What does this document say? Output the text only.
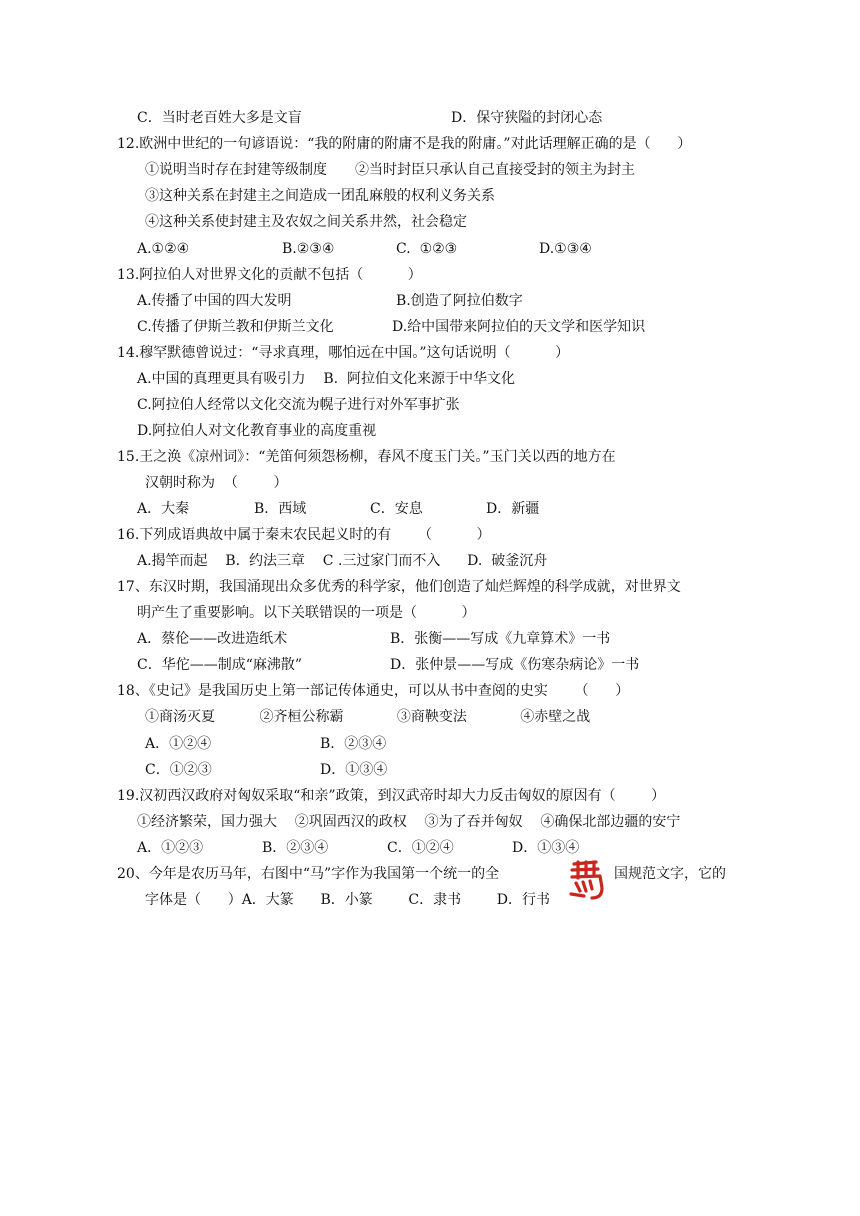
C．当时老百姓大多是文盲	D．保守狭隘的封闭心态
12.欧洲中世纪的一句谚语说：“我的附庸的附庸不是我的附庸。”对此话理解正确的是（      ）
①说明当时存在封建等级制度 ②当时封臣只承认自己直接受封的领主为封主
③这种关系在封建主之间造成一团乱麻般的权利义务关系
④这种关系使封建主及农奴之间关系井然，社会稳定
A.①②④	B.②③④	C.  ①②③	D.①③④
13.阿拉伯人对世界文化的贡献不包括（          ）
A.传播了中国的四大发明	B.创造了阿拉伯数字
C.传播了伊斯兰教和伊斯兰文化	D.给中国带来阿拉伯的天文学和医学知识
14.穆罕默德曾说过：“寻求真理，哪怕远在中国。”这句话说明（          ）
A.中国的真理更具有吸引力    B.  阿拉伯文化来源于中华文化
C.阿拉伯人经常以文化交流为幌子进行对外军事扩张
D.阿拉伯人对文化教育事业的高度重视
15.王之涣《凉州词》：“羌笛何须怨杨柳，春风不度玉门关。”玉门关以西的地方在
汉朝时称为  （        ）
A．大秦	B．西域	C．安息	D．新疆
16.下列成语典故中属于秦末农民起义时的有      （          ）
A.揭竿而起    B.  约法三章    C .三过家门而不入      D.  破釜沉舟
17、东汉时期，我国涌现出众多优秀的科学家，他们创造了灿烂辉煌的科学成就，对世界文
明产生了重要影响。以下关联错误的一项是（          ）
A．蔡伦——改进造纸术	B．张衡——写成《九章算术》一书
C．华佗——制成“麻沸散”	D．张仲景——写成《伤寒杂病论》一书
18、《史记》是我国历史上第一部记传体通史，可以从书中查阅的史实      （      ）
①商汤灭夏          ②齐桓公称霸            ③商鞅变法            ④赤壁之战
A．①②④	B．②③④
C．①②③	D．①③④
19.汉初西汉政府对匈奴采取“和亲”政策，到汉武帝时却大力反击匈奴的原因有（        ）
①经济繁荣，国力强大    ②巩固西汉的政权    ③为了吞并匈奴    ④确保北部边疆的安宁
A．①②③	B．②③④	C．①②④	D．①③④
20、今年是农历马年，右图中“马”字作为我国第一个统一的全	国规范文字，它的
字体是（      ）A．大篆      B．小篆        C．隶书        D．行书
